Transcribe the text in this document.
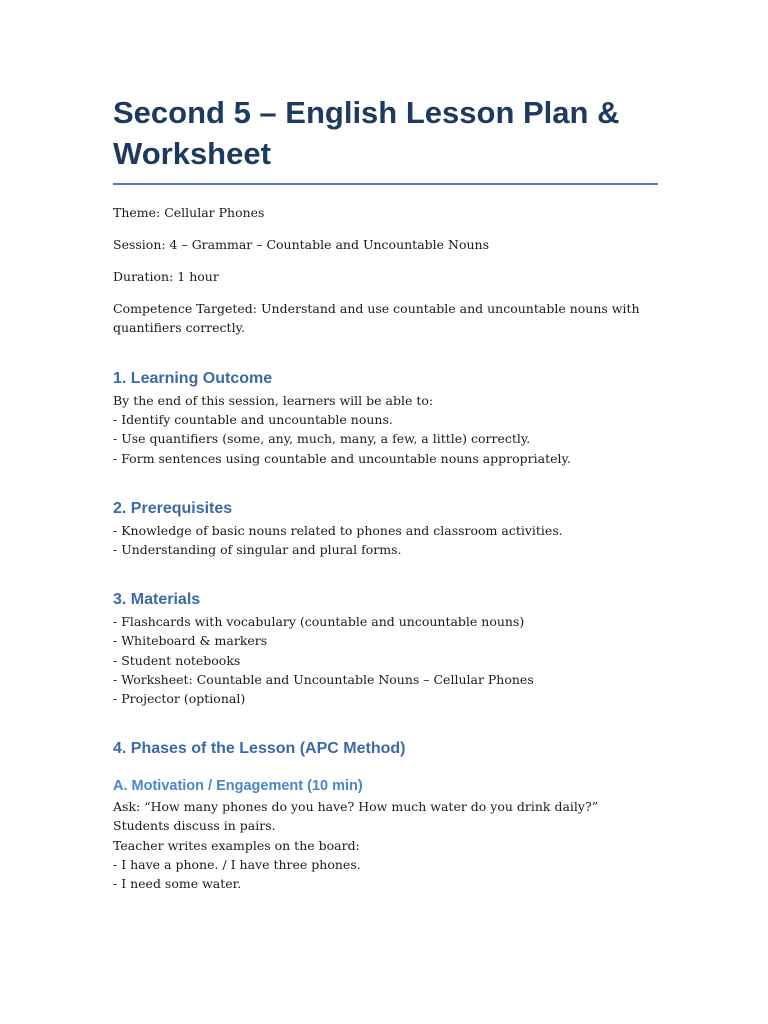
Second 5 – English Lesson Plan & Worksheet

Theme: Cellular Phones

Session: 4 – Grammar – Countable and Uncountable Nouns

Duration: 1 hour

Competence Targeted: Understand and use countable and uncountable nouns with quantifiers correctly.

1. Learning Outcome
By the end of this session, learners will be able to:
- Identify countable and uncountable nouns.
- Use quantifiers (some, any, much, many, a few, a little) correctly.
- Form sentences using countable and uncountable nouns appropriately.
2. Prerequisites
- Knowledge of basic nouns related to phones and classroom activities.
- Understanding of singular and plural forms.
3. Materials
- Flashcards with vocabulary (countable and uncountable nouns)
- Whiteboard & markers
- Student notebooks
- Worksheet: Countable and Uncountable Nouns – Cellular Phones
- Projector (optional)
4. Phases of the Lesson (APC Method)
A. Motivation / Engagement (10 min)
Ask: “How many phones do you have? How much water do you drink daily?”
Students discuss in pairs.
Teacher writes examples on the board:
- I have a phone. / I have three phones.
- I need some water.
